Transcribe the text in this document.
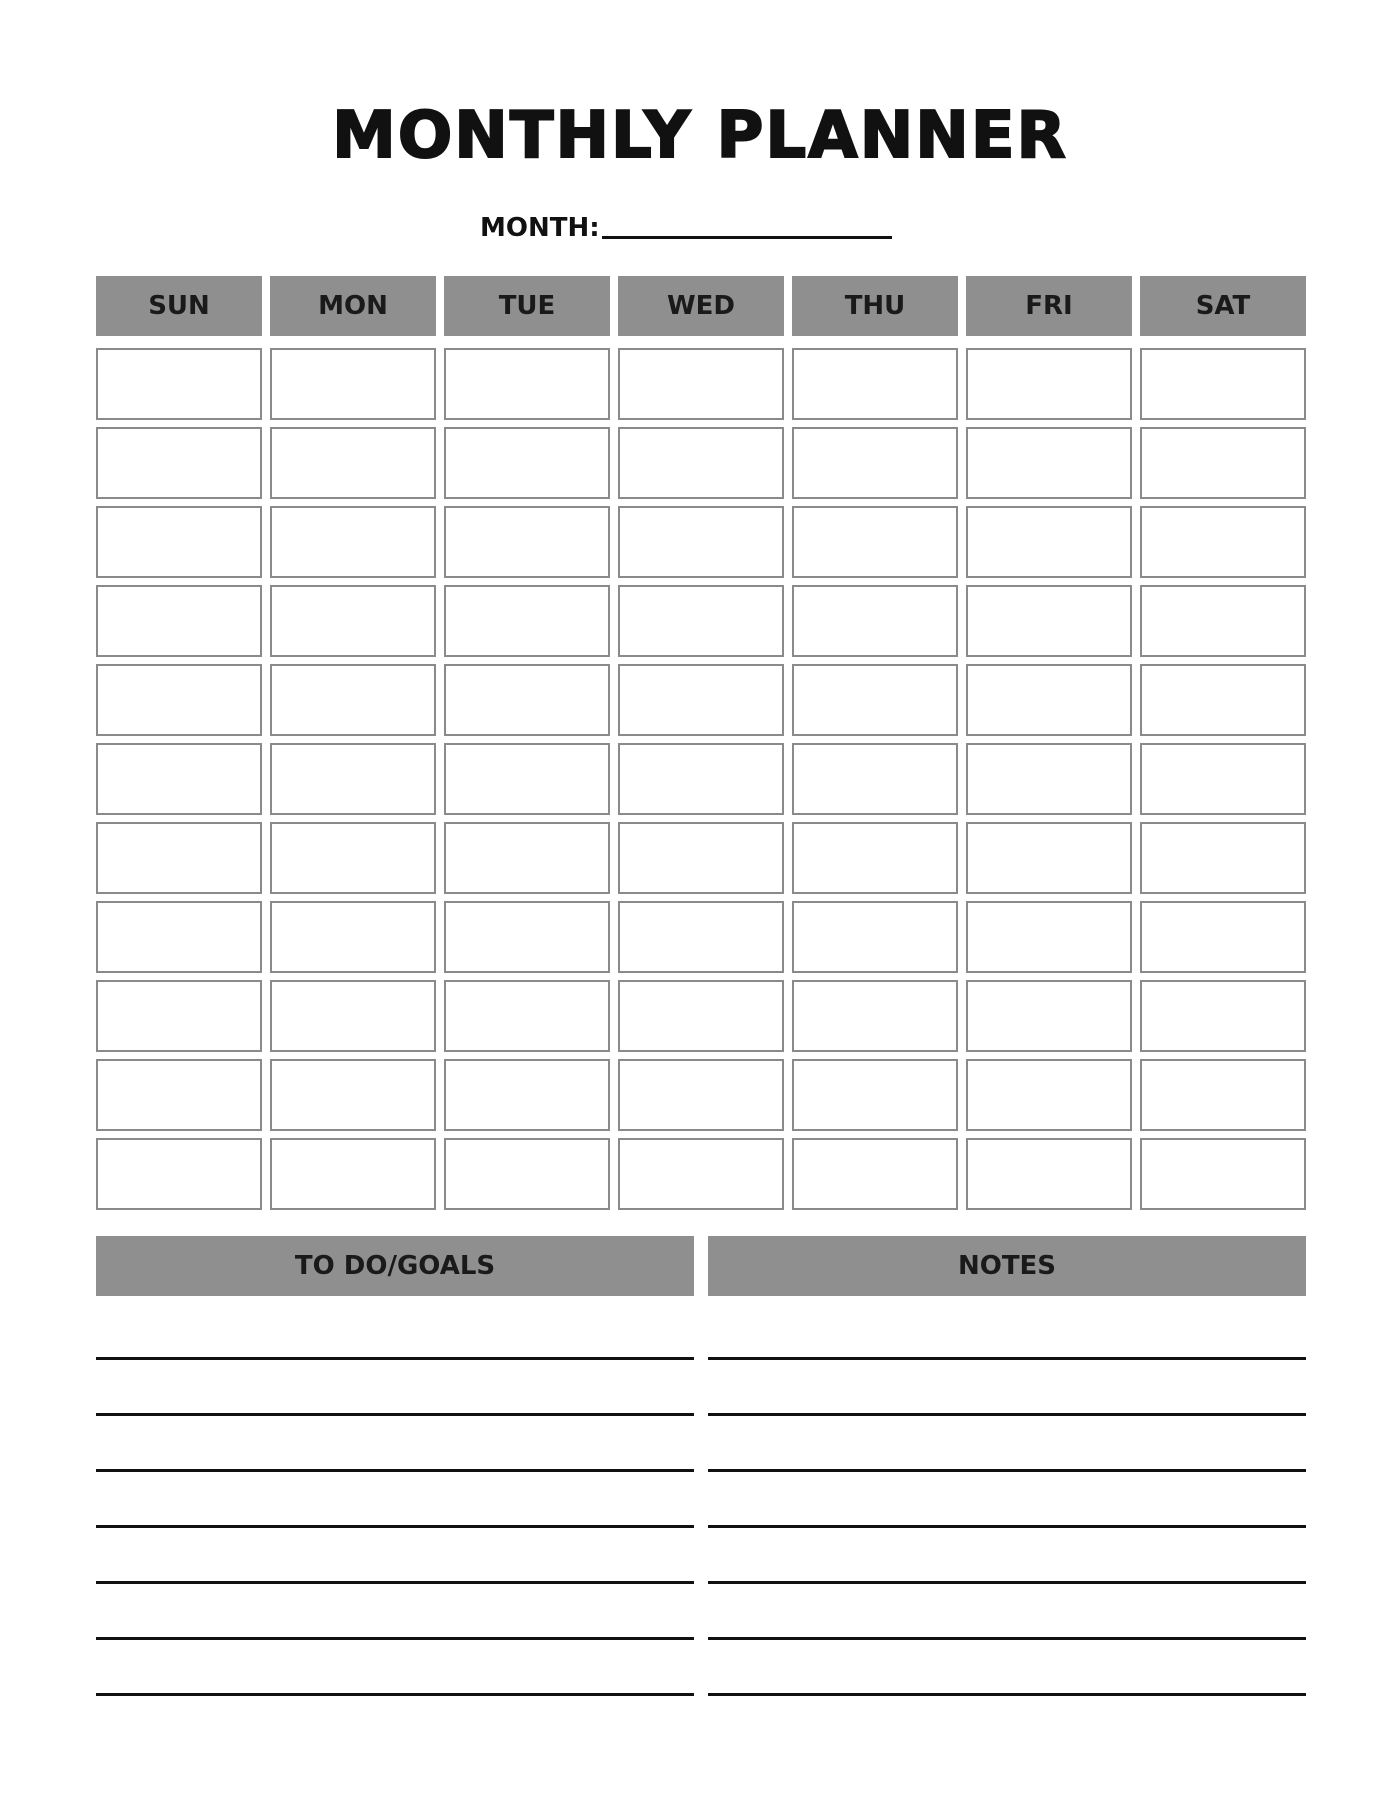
MONTHLY PLANNER
MONTH:
SUN	MON	TUE	WED	THU	FRI	SAT
TO DO/GOALS	NOTES
